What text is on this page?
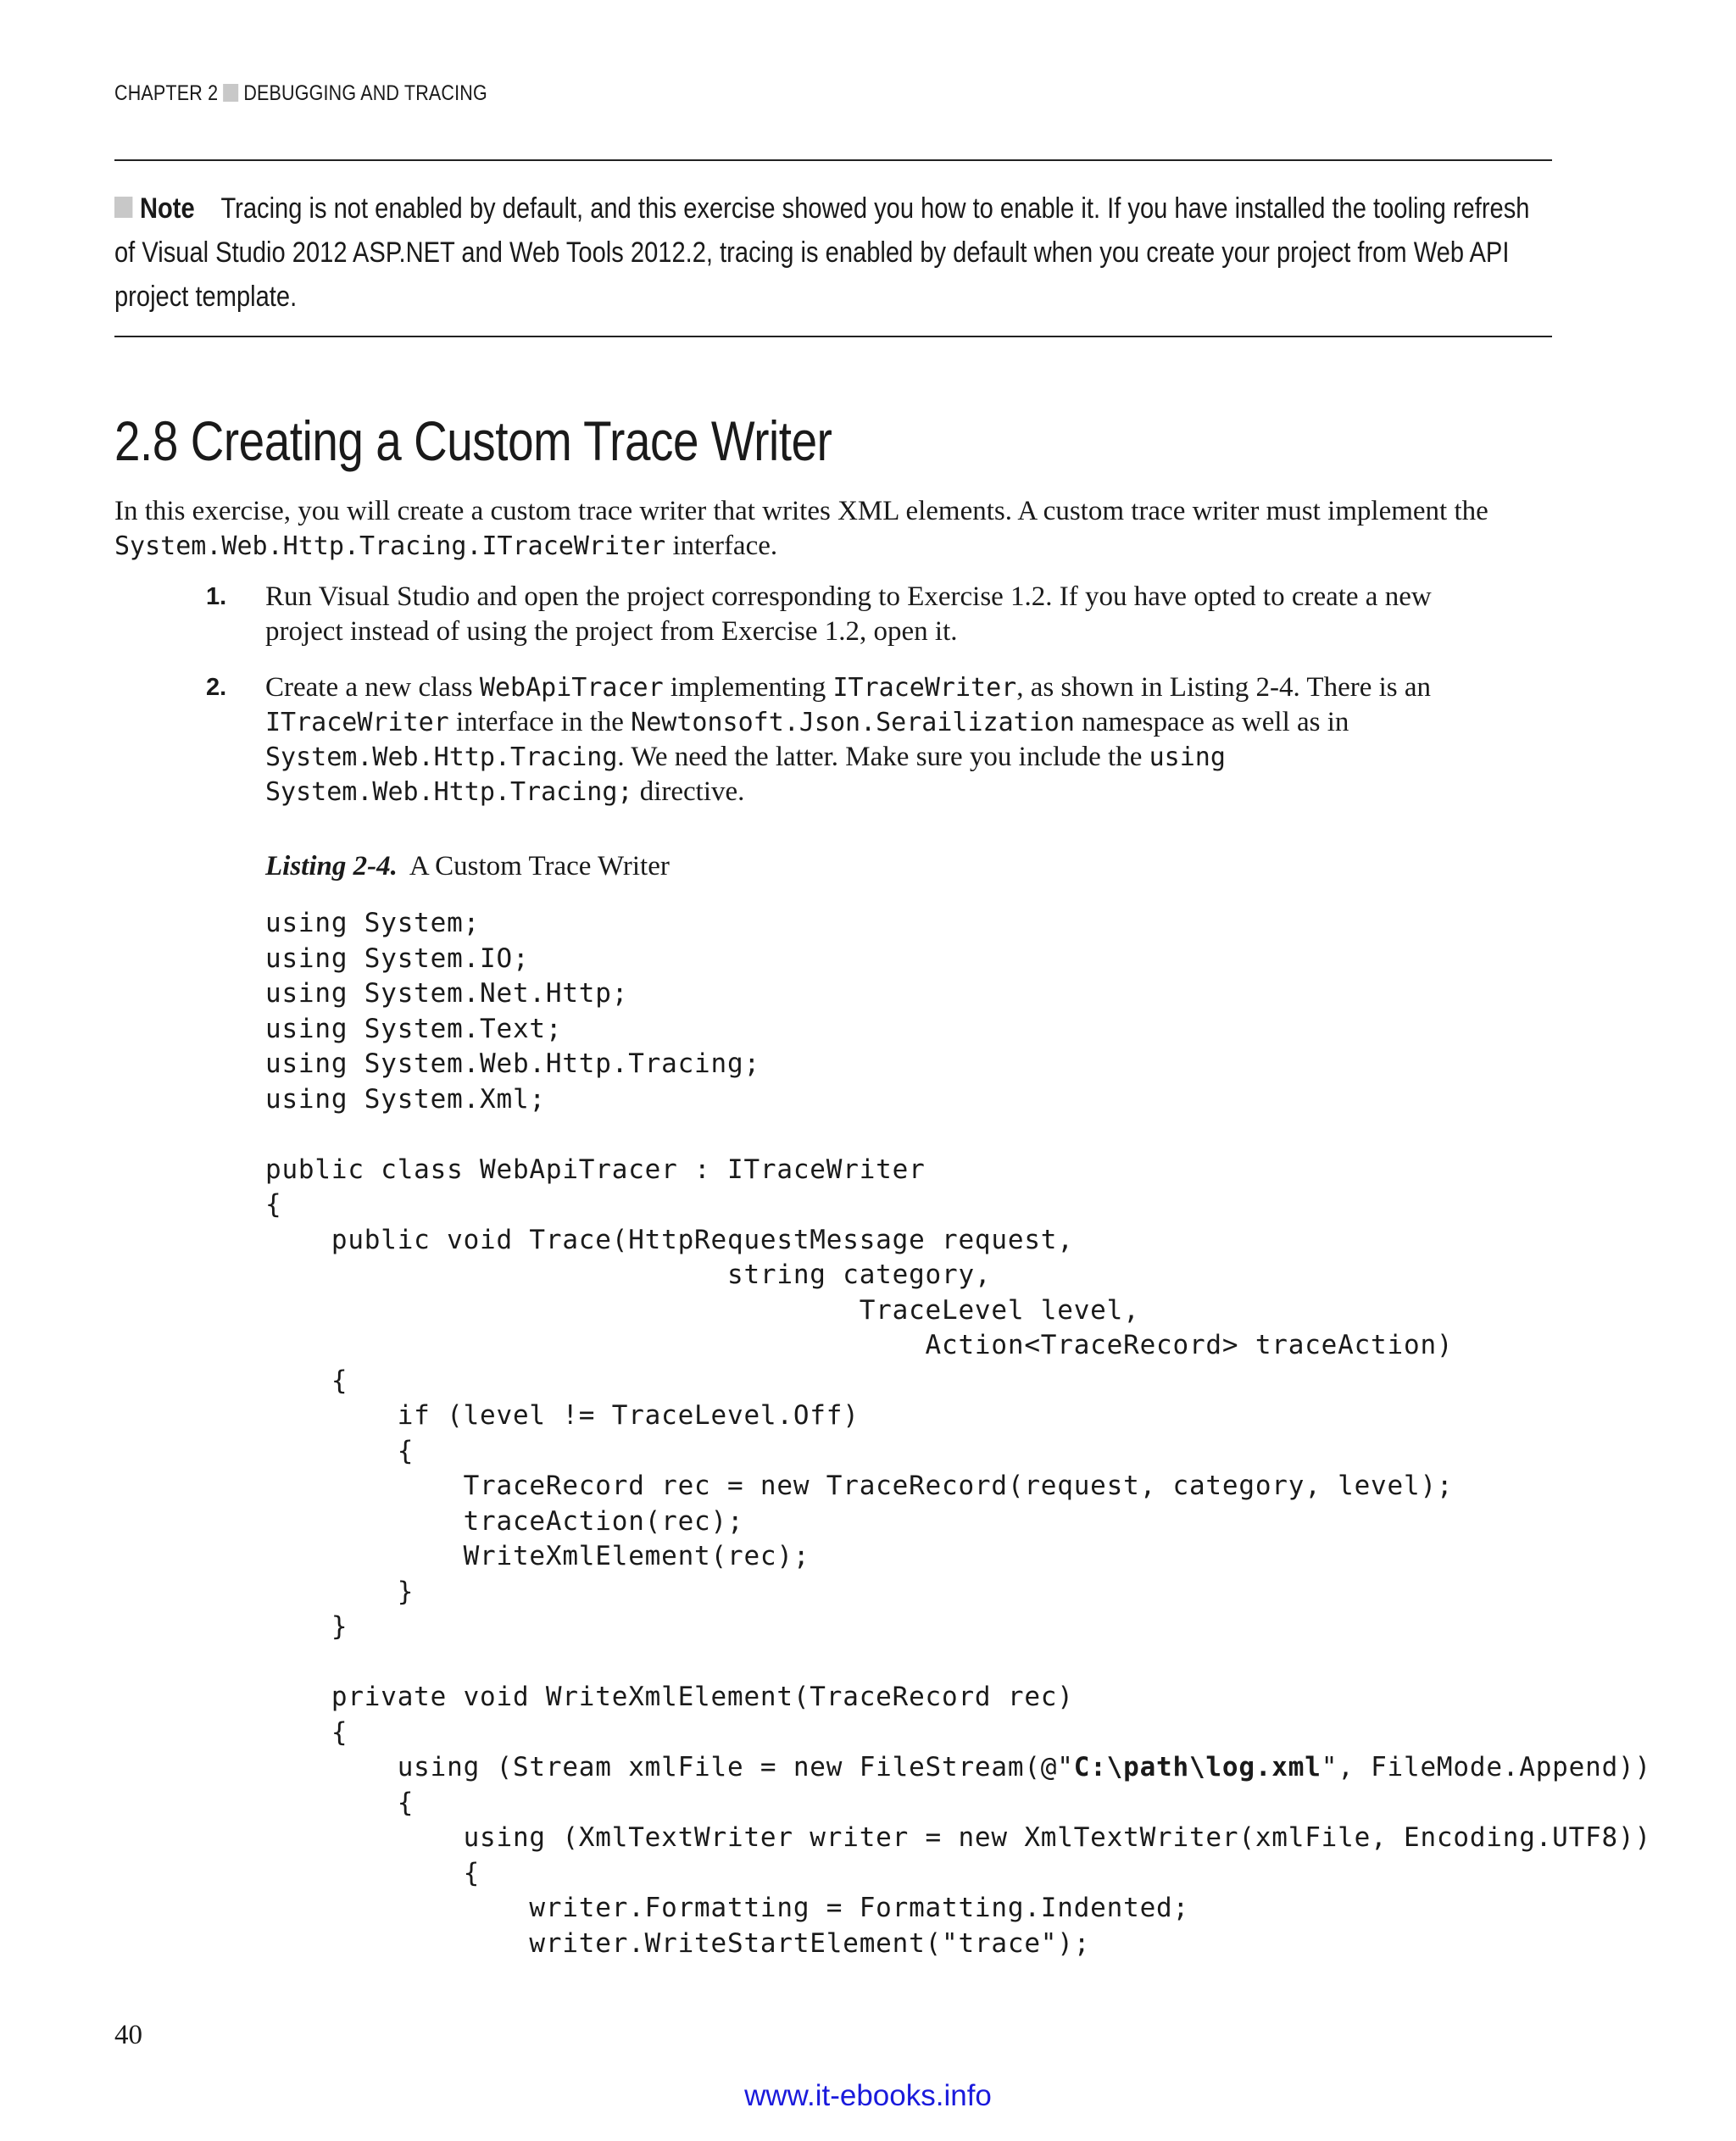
CHAPTER 2 DEBUGGING AND TRACING
Note Tracing is not enabled by default, and this exercise showed you how to enable it. If you have installed the tooling refresh of Visual Studio 2012 ASP.NET and Web Tools 2012.2, tracing is enabled by default when you create your project from Web API project template.
2.8 Creating a Custom Trace Writer
In this exercise, you will create a custom trace writer that writes XML elements. A custom trace writer must implement the System.Web.Http.Tracing.ITraceWriter interface.
1. Run Visual Studio and open the project corresponding to Exercise 1.2. If you have opted to create a new project instead of using the project from Exercise 1.2, open it.
2. Create a new class WebApiTracer implementing ITraceWriter, as shown in Listing 2-4. There is an ITraceWriter interface in the Newtonsoft.Json.Serailization namespace as well as in System.Web.Http.Tracing. We need the latter. Make sure you include the using System.Web.Http.Tracing; directive.
Listing 2-4. A Custom Trace Writer
using System;
using System.IO;
using System.Net.Http;
using System.Text;
using System.Web.Http.Tracing;
using System.Xml;
public class WebApiTracer : ITraceWriter
{
public void Trace(HttpRequestMessage request,
string category,
TraceLevel level,
Action<TraceRecord> traceAction)
{
if (level != TraceLevel.Off)
{
TraceRecord rec = new TraceRecord(request, category, level);
traceAction(rec);
WriteXmlElement(rec);
}
}
private void WriteXmlElement(TraceRecord rec)
{
using (Stream xmlFile = new FileStream(@"C:\path\log.xml", FileMode.Append))
{
using (XmlTextWriter writer = new XmlTextWriter(xmlFile, Encoding.UTF8))
{
writer.Formatting = Formatting.Indented;
writer.WriteStartElement("trace");
40
www.it-ebooks.info
